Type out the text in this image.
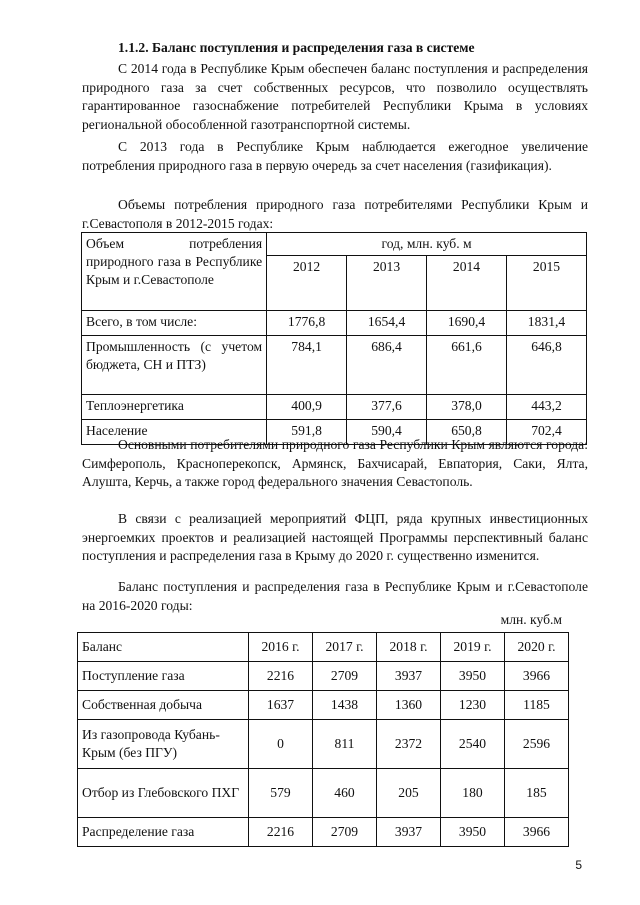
1.1.2. Баланс поступления и распределения газа в системе

С 2014 года в Республике Крым обеспечен баланс поступления и распределения природного газа за счет собственных ресурсов, что позволило осуществлять гарантированное газоснабжение потребителей Республики Крыма в условиях региональной обособленной газотранспортной системы.

С 2013 года в Республике Крым наблюдается ежегодное увеличение потребления природного газа в первую очередь за счет населения (газификация).

Объемы потребления природного газа потребителями Республики Крым и г.Севастополя в 2012-2015 годах:

Объем потребления природного газа в Республике Крым и г.Севастополе	год, млн. куб. м			
	2012	2013	2014	2015
Всего, в том числе:	1776,8	1654,4	1690,4	1831,4
Промышленность (с учетом бюджета, СН и ПТЗ)	784,1	686,4	661,6	646,8
Теплоэнергетика	400,9	377,6	378,0	443,2
Население	591,8	590,4	650,8	702,4

Основными потребителями природного газа Республики Крым являются города: Симферополь, Красноперекопск, Армянск, Бахчисарай, Евпатория, Саки, Ялта, Алушта, Керчь, а также город федерального значения Севастополь.

В связи с реализацией мероприятий ФЦП, ряда крупных инвестиционных энергоемких проектов и реализацией настоящей Программы перспективный баланс поступления и распределения газа в Крыму до 2020 г. существенно изменится.

Баланс поступления и распределения газа в Республике Крым и г.Севастополе на 2016-2020 годы:

млн. куб.м

Баланс	2016 г.	2017 г.	2018 г.	2019 г.	2020 г.
Поступление газа	2216	2709	3937	3950	3966
Собственная добыча	1637	1438	1360	1230	1185
Из газопровода Кубань-Крым (без ПГУ)	0	811	2372	2540	2596
Отбор из Глебовского ПХГ	579	460	205	180	185
Распределение газа	2216	2709	3937	3950	3966

5
